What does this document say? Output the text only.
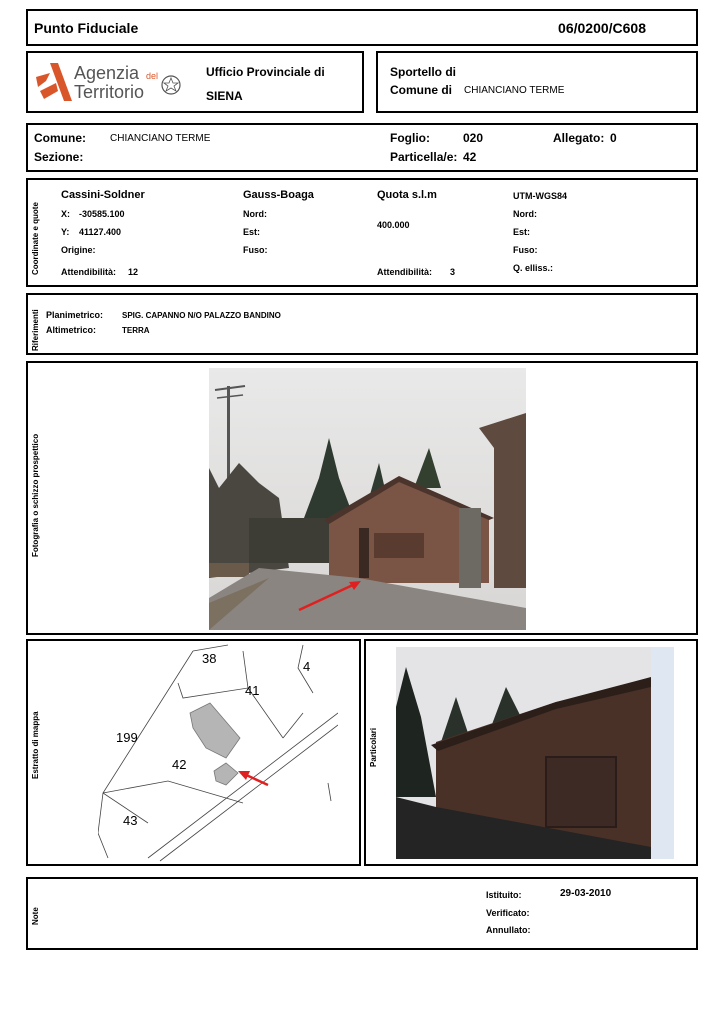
Punto Fiduciale	06/0200/C608
Agenzia del
Territorio
Ufficio Provinciale di
SIENA
Sportello di
Comune di CHIANCIANO TERME
Comune: CHIANCIANO TERME
Sezione:
Foglio:	020	Allegato: 0
Particella/e: 42
Coordinate e quote
Cassini-Soldner
X: -30585.100
Y: 41127.400
Origine:
Attendibilità: 12
Gauss-Boaga
Nord:
Est:
Fuso:
Quota s.l.m
400.000
Attendibilità: 3
UTM-WGS84
Nord:
Est:
Fuso:
Q. elliss.:
Riferimenti Planimetrico: SPIG. CAPANNO N/O PALAZZO BANDINO
Altimetrico:	TERRA
Fotografia o schizzo prospettico
Estratto di mappa
38
4
41
199
42
43
Particolari
Note
Istituito:	29-03-2010
Verificato:
Annullato:
